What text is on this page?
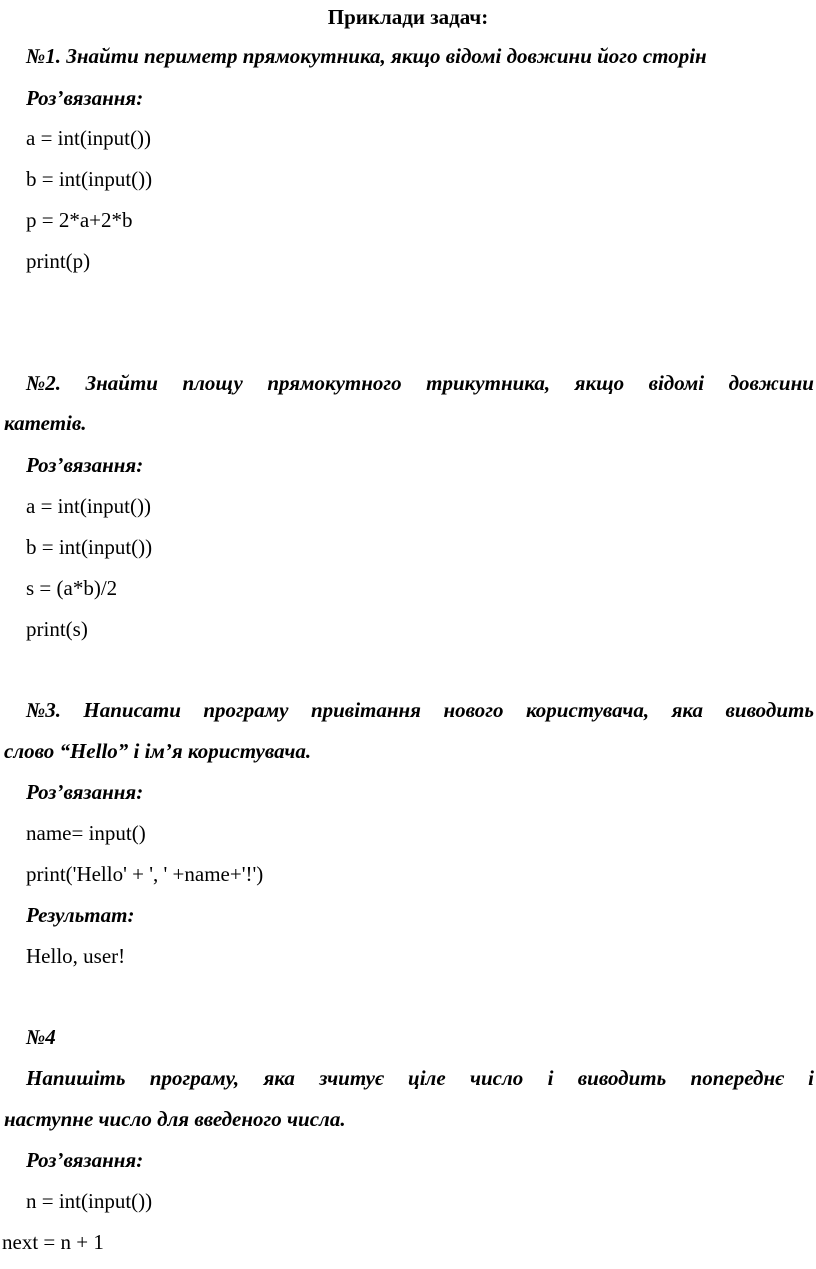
Приклади задач:
№1. Знайти периметр прямокутника, якщо відомі довжини його сторін
Роз’вязання:
a = int(input())
b = int(input())
p = 2*a+2*b
print(p)
№2. Знайти площу прямокутного трикутника, якщо відомі довжини
катетів.
Роз’вязання:
a = int(input())
b = int(input())
s = (a*b)/2
print(s)
№3. Написати програму привітання нового користувача, яка виводить
слово “Hello” і ім’я користувача.
Роз’вязання:
name= input()
print('Hello' + ', ' +name+'!')
Результат:
Hello, user!
№4
Напишіть програму, яка зчитує ціле число і виводить попереднє і
наступне число для введеного числа.
Роз’вязання:
n = int(input())
next = n + 1
